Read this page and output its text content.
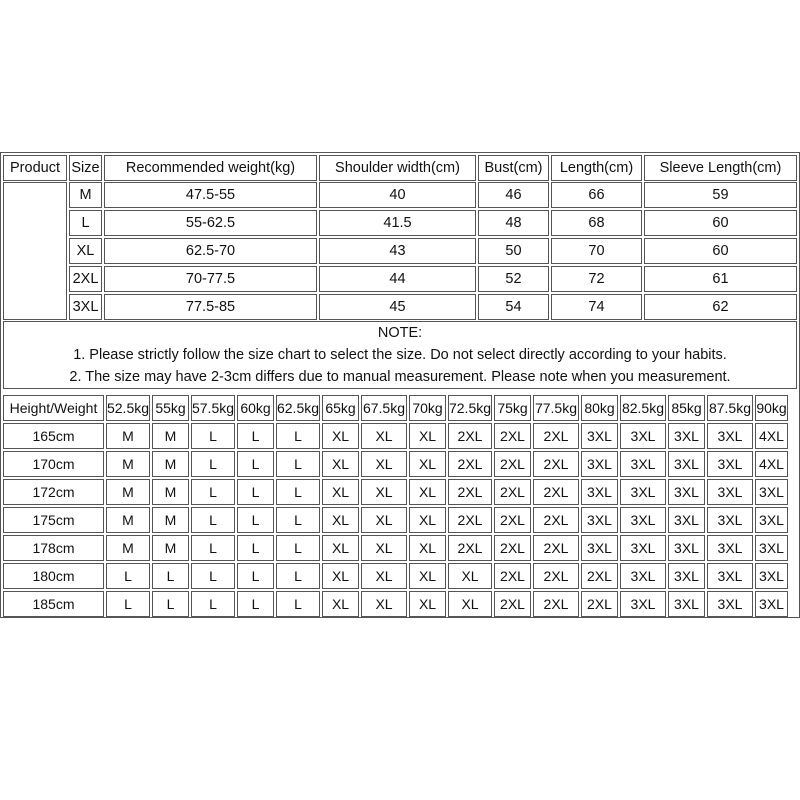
Product Size	Recommended weight(kg)	Shoulder width(cm)	Bust(cm)	Length(cm)	Sleeve Length(cm)
M	47.5-55	40	46	66	59
L	55-62.5	41.5	48	68	60
XL	62.5-70	43	50	70	60
2XL	70-77.5	44	52	72	61
3XL	77.5-85	45	54	74	62
NOTE:
1. Please strictly follow the size chart to select the size. Do not select directly according to your habits.
2. The size may have 2-3cm differs due to manual measurement. Please note when you measurement.
Height/Weight 52.5kg 55kg 57.5kg 60kg 62.5kg 65kg 67.5kg 70kg 72.5kg 75kg 77.5kg 80kg 82.5kg 85kg 87.5kg 90kg
165cm	M	M	L	L	L	XL	XL	XL	2XL	2XL	2XL	3XL	3XL	3XL	3XL	4XL
170cm	M	M	L	L	L	XL	XL	XL	2XL	2XL	2XL	3XL	3XL	3XL	3XL	4XL
172cm	M	M	L	L	L	XL	XL	XL	2XL	2XL	2XL	3XL	3XL	3XL	3XL	3XL
175cm	M	M	L	L	L	XL	XL	XL	2XL	2XL	2XL	3XL	3XL	3XL	3XL	3XL
178cm	M	M	L	L	L	XL	XL	XL	2XL	2XL	2XL	3XL	3XL	3XL	3XL	3XL
180cm	L	L	L	L	L	XL	XL	XL	XL	2XL	2XL	2XL	3XL	3XL	3XL	3XL
185cm	L	L	L	L	L	XL	XL	XL	XL	2XL	2XL	2XL	3XL	3XL	3XL	3XL
